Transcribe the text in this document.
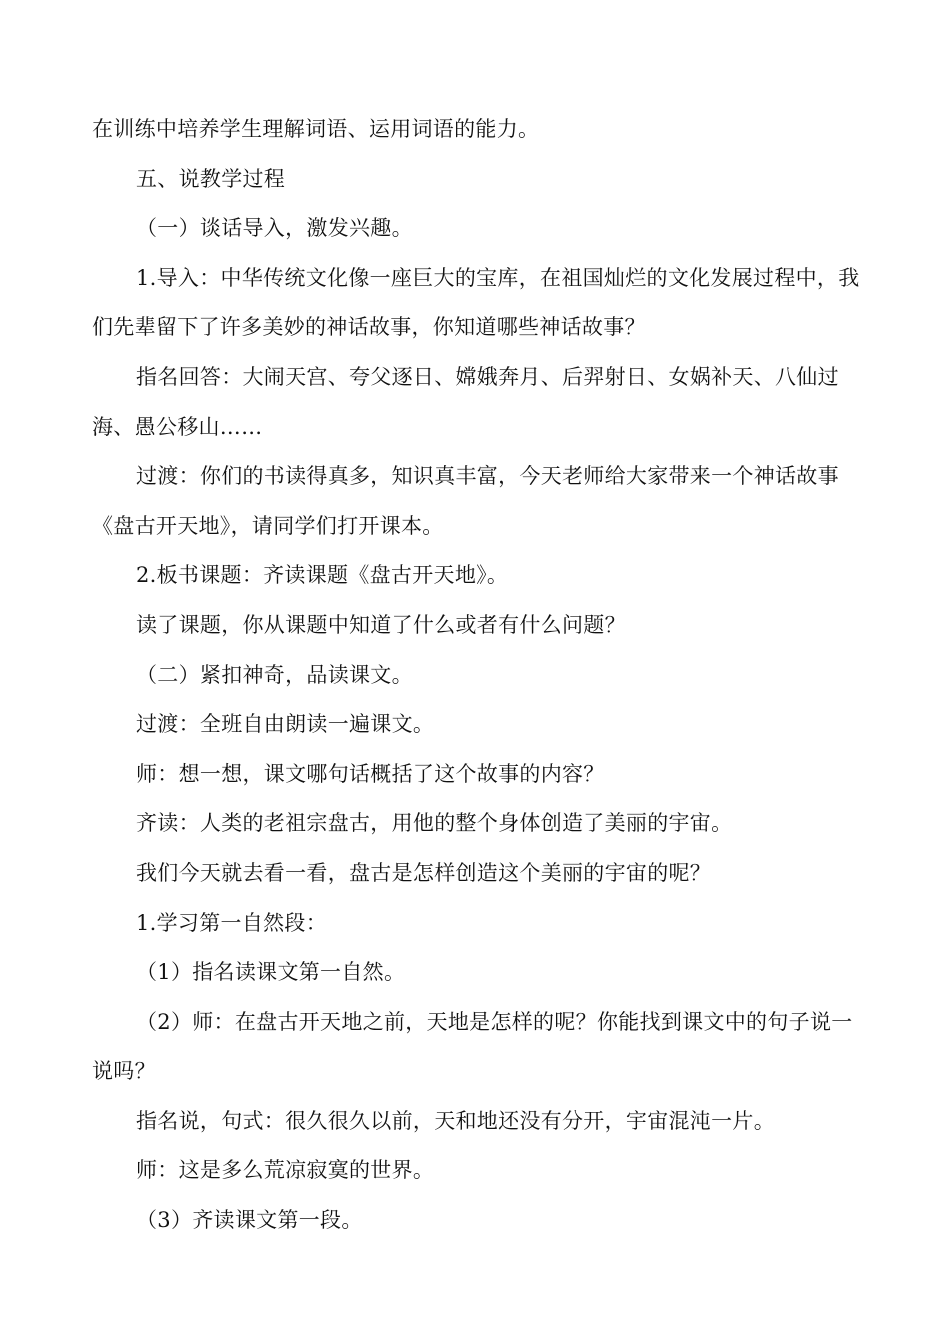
在训练中培养学生理解词语、运用词语的能力。

五、说教学过程

（一）谈话导入，激发兴趣。

1.导入：中华传统文化像一座巨大的宝库，在祖国灿烂的文化发展过程中，我们先辈留下了许多美妙的神话故事，你知道哪些神话故事？

指名回答：大闹天宫、夸父逐日、嫦娥奔月、后羿射日、女娲补天、八仙过海、愚公移山……

过渡：你们的书读得真多，知识真丰富，今天老师给大家带来一个神话故事《盘古开天地》，请同学们打开课本。

2.板书课题：齐读课题《盘古开天地》。

读了课题，你从课题中知道了什么或者有什么问题？

（二）紧扣神奇，品读课文。

过渡：全班自由朗读一遍课文。

师：想一想，课文哪句话概括了这个故事的内容？

齐读：人类的老祖宗盘古，用他的整个身体创造了美丽的宇宙。

我们今天就去看一看，盘古是怎样创造这个美丽的宇宙的呢？

1.学习第一自然段：

（1）指名读课文第一自然。

（2）师：在盘古开天地之前，天地是怎样的呢？你能找到课文中的句子说一说吗？

指名说，句式：很久很久以前，天和地还没有分开，宇宙混沌一片。

师：这是多么荒凉寂寞的世界。

（3）齐读课文第一段。
